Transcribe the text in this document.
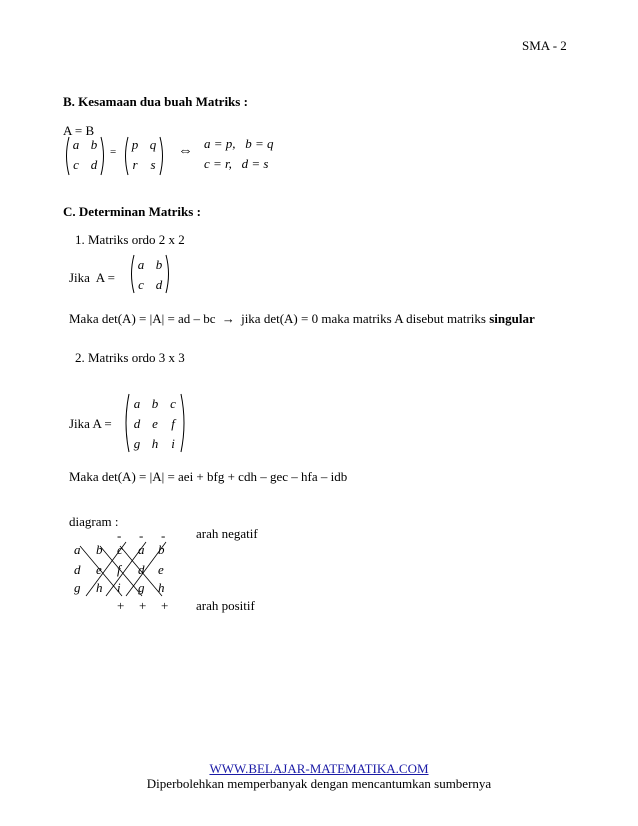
SMA - 2
B. Kesamaan dua buah Matriks :
A = B
a b
c d
= p q
r s
⇔ a = p,   b = q
c = r,   d = s
C. Determinan Matriks :
1. Matriks ordo 2 x 2
Jika  A =
a b
c d
Maka det(A) = |A| = ad – bc → jika det(A) = 0 maka matriks A disebut matriks singular
2. Matriks ordo 3 x 3
Jika A =
a b c
d e	f
g h i
Maka det(A) = |A| = aei + bfg + cdh – gec – hfa – idb
diagram :
- - - arah negatif
a b c a b
d e f d e
g h i g h
+ + + arah positif
WWW.BELAJAR-MATEMATIKA.COM
Diperbolehkan memperbanyak dengan mencantumkan sumbernya
